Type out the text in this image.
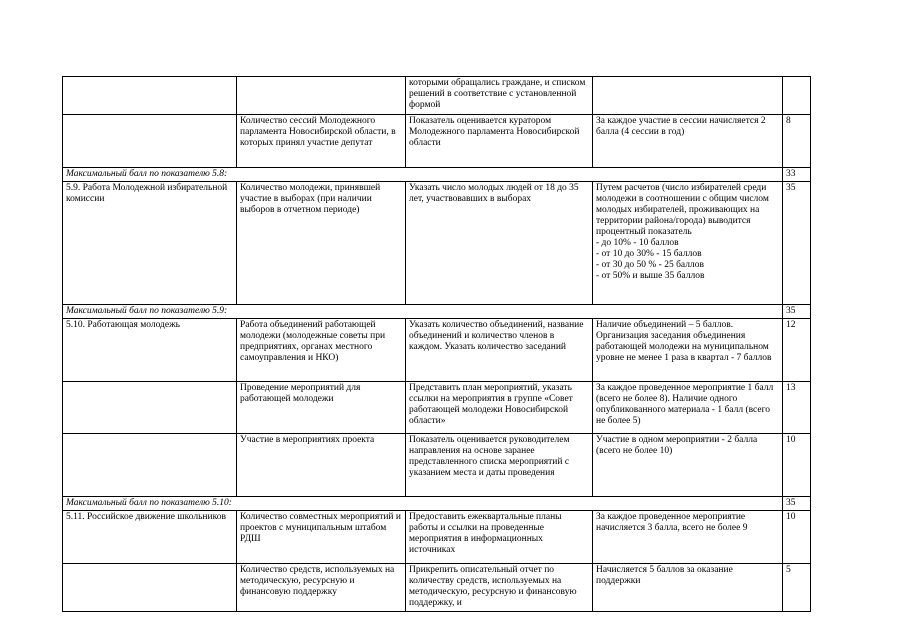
		которыми обращались граждане, и списком решений в соответствие с установленной формой		
	Количество сессий Молодежного парламента Новосибирской области, в которых принял участие депутат	Показатель оценивается куратором Молодежного парламента Новосибирской области	За каждое участие в сессии начисляется 2 балла (4 сессии в год)	8
Максимальный балл по показателю 5.8:				33
5.9. Работа Молодежной избирательной комиссии	Количество молодежи, принявшей участие в выборах (при наличии выборов в отчетном периоде)	Указать число молодых людей от 18 до 35 лет, участвовавших в выборах	Путем расчетов (число избирателей среди молодежи в соотношении с общим числом молодых избирателей, проживающих на территории района/города) выводится процентный показатель
- до 10% - 10 баллов
- от 10 до 30% - 15 баллов
- от 30 до 50 % - 25 баллов
- от 50% и выше 35 баллов	35
Максимальный балл по показателю 5.9:				35
5.10. Работающая молодежь	Работа объединений работающей молодежи (молодежные советы при предприятиях, органах местного самоуправления и НКО)	Указать количество объединений, название объединений и количество членов в каждом. Указать количество заседаний	Наличие объединений – 5 баллов. Организация заседания объединения работающей молодежи на муниципальном уровне не менее 1 раза в квартал - 7 баллов	12
	Проведение мероприятий для работающей молодежи	Представить план мероприятий, указать ссылки на мероприятия в группе «Совет работающей молодежи Новосибирской области»	За каждое проведенное мероприятие 1 балл (всего не более 8). Наличие одного опубликованного материала - 1 балл (всего не более 5)	13
	Участие в мероприятиях проекта	Показатель оценивается руководителем направления на основе заранее представленного списка мероприятий с указанием места и даты проведения	Участие в одном мероприятии - 2 балла (всего не более 10)	10
Максимальный балл по показателю 5.10:				35
5.11. Российское движение школьников	Количество совместных мероприятий и проектов с муниципальным штабом РДШ	Предоставить ежеквартальные планы работы и ссылки на проведенные мероприятия в информационных источниках	За каждое проведенное мероприятие начисляется 3 балла, всего не более 9	10
	Количество средств, используемых на методическую, ресурсную и финансовую поддержку	Прикрепить описательный отчет по количеству средств, используемых на методическую, ресурсную и финансовую поддержку, и	Начисляется 5 баллов за оказание поддержки	5
